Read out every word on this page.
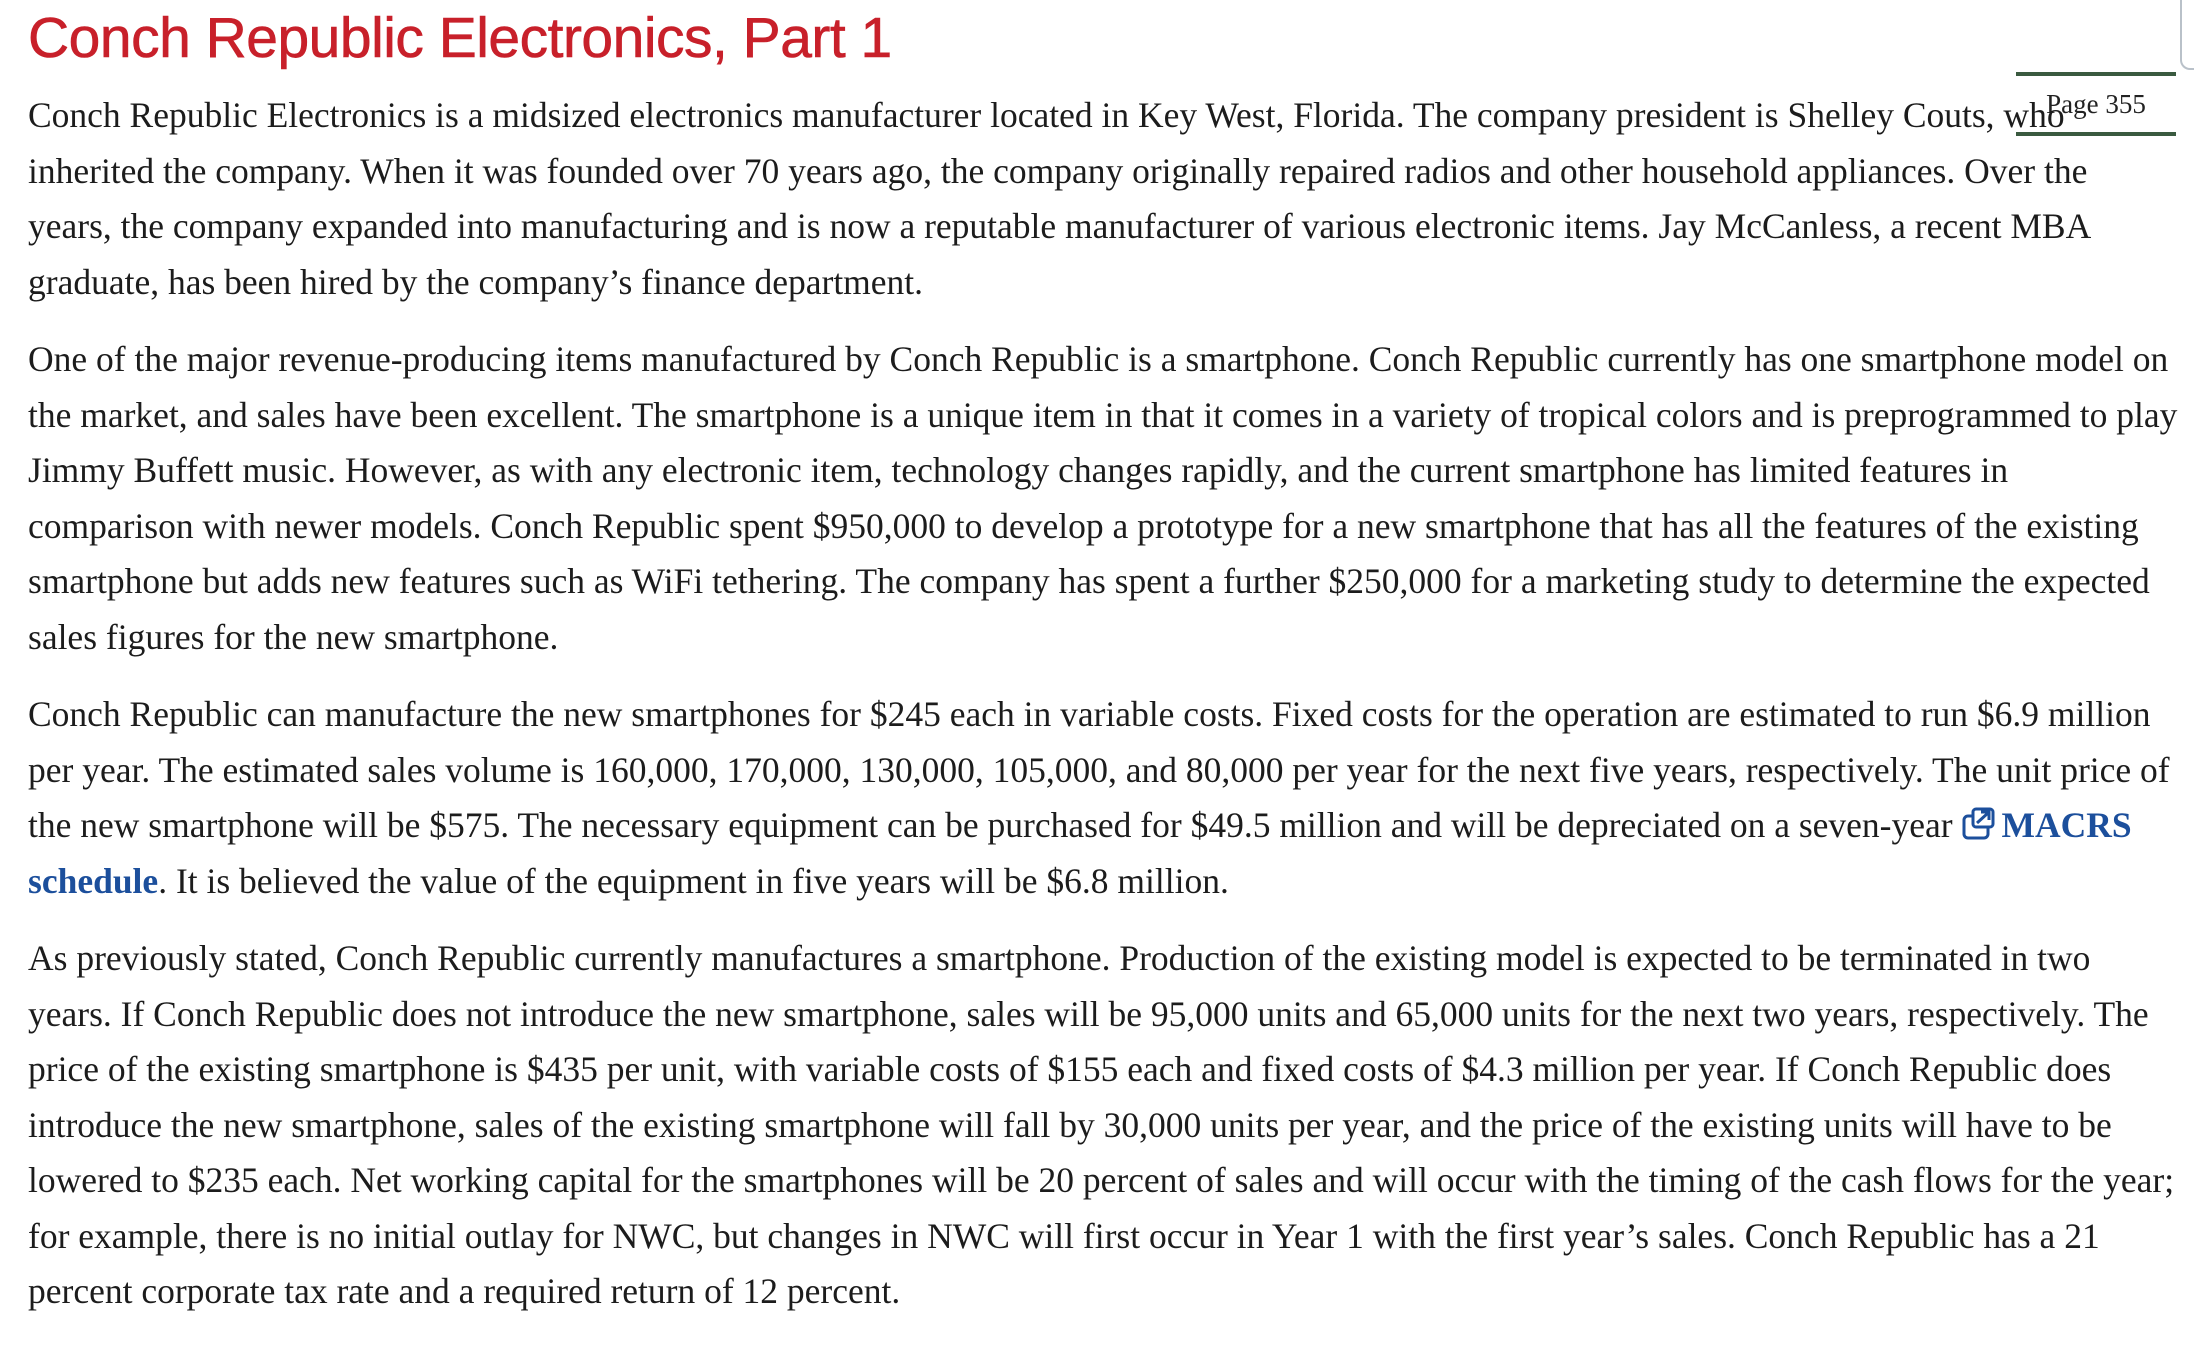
Conch Republic Electronics, Part 1
Page 355

Conch Republic Electronics is a midsized electronics manufacturer located in Key West, Florida. The company president is Shelley Couts, who inherited the company. When it was founded over 70 years ago, the company originally repaired radios and other household appliances. Over the years, the company expanded into manufacturing and is now a reputable manufacturer of various electronic items. Jay McCanless, a recent MBA graduate, has been hired by the company’s finance department.

One of the major revenue-producing items manufactured by Conch Republic is a smartphone. Conch Republic currently has one smartphone model on the market, and sales have been excellent. The smartphone is a unique item in that it comes in a variety of tropical colors and is preprogrammed to play Jimmy Buffett music. However, as with any electronic item, technology changes rapidly, and the current smartphone has limited features in comparison with newer models. Conch Republic spent $950,000 to develop a prototype for a new smartphone that has all the features of the existing smartphone but adds new features such as WiFi tethering. The company has spent a further $250,000 for a marketing study to determine the expected sales figures for the new smartphone.

Conch Republic can manufacture the new smartphones for $245 each in variable costs. Fixed costs for the operation are estimated to run $6.9 million per year. The estimated sales volume is 160,000, 170,000, 130,000, 105,000, and 80,000 per year for the next five years, respectively. The unit price of the new smartphone will be $575. The necessary equipment can be purchased for $49.5 million and will be depreciated on a seven-year MACRS schedule. It is believed the value of the equipment in five years will be $6.8 million.

As previously stated, Conch Republic currently manufactures a smartphone. Production of the existing model is expected to be terminated in two years. If Conch Republic does not introduce the new smartphone, sales will be 95,000 units and 65,000 units for the next two years, respectively. The price of the existing smartphone is $435 per unit, with variable costs of $155 each and fixed costs of $4.3 million per year. If Conch Republic does introduce the new smartphone, sales of the existing smartphone will fall by 30,000 units per year, and the price of the existing units will have to be lowered to $235 each. Net working capital for the smartphones will be 20 percent of sales and will occur with the timing of the cash flows for the year; for example, there is no initial outlay for NWC, but changes in NWC will first occur in Year 1 with the first year’s sales. Conch Republic has a 21 percent corporate tax rate and a required return of 12 percent.
